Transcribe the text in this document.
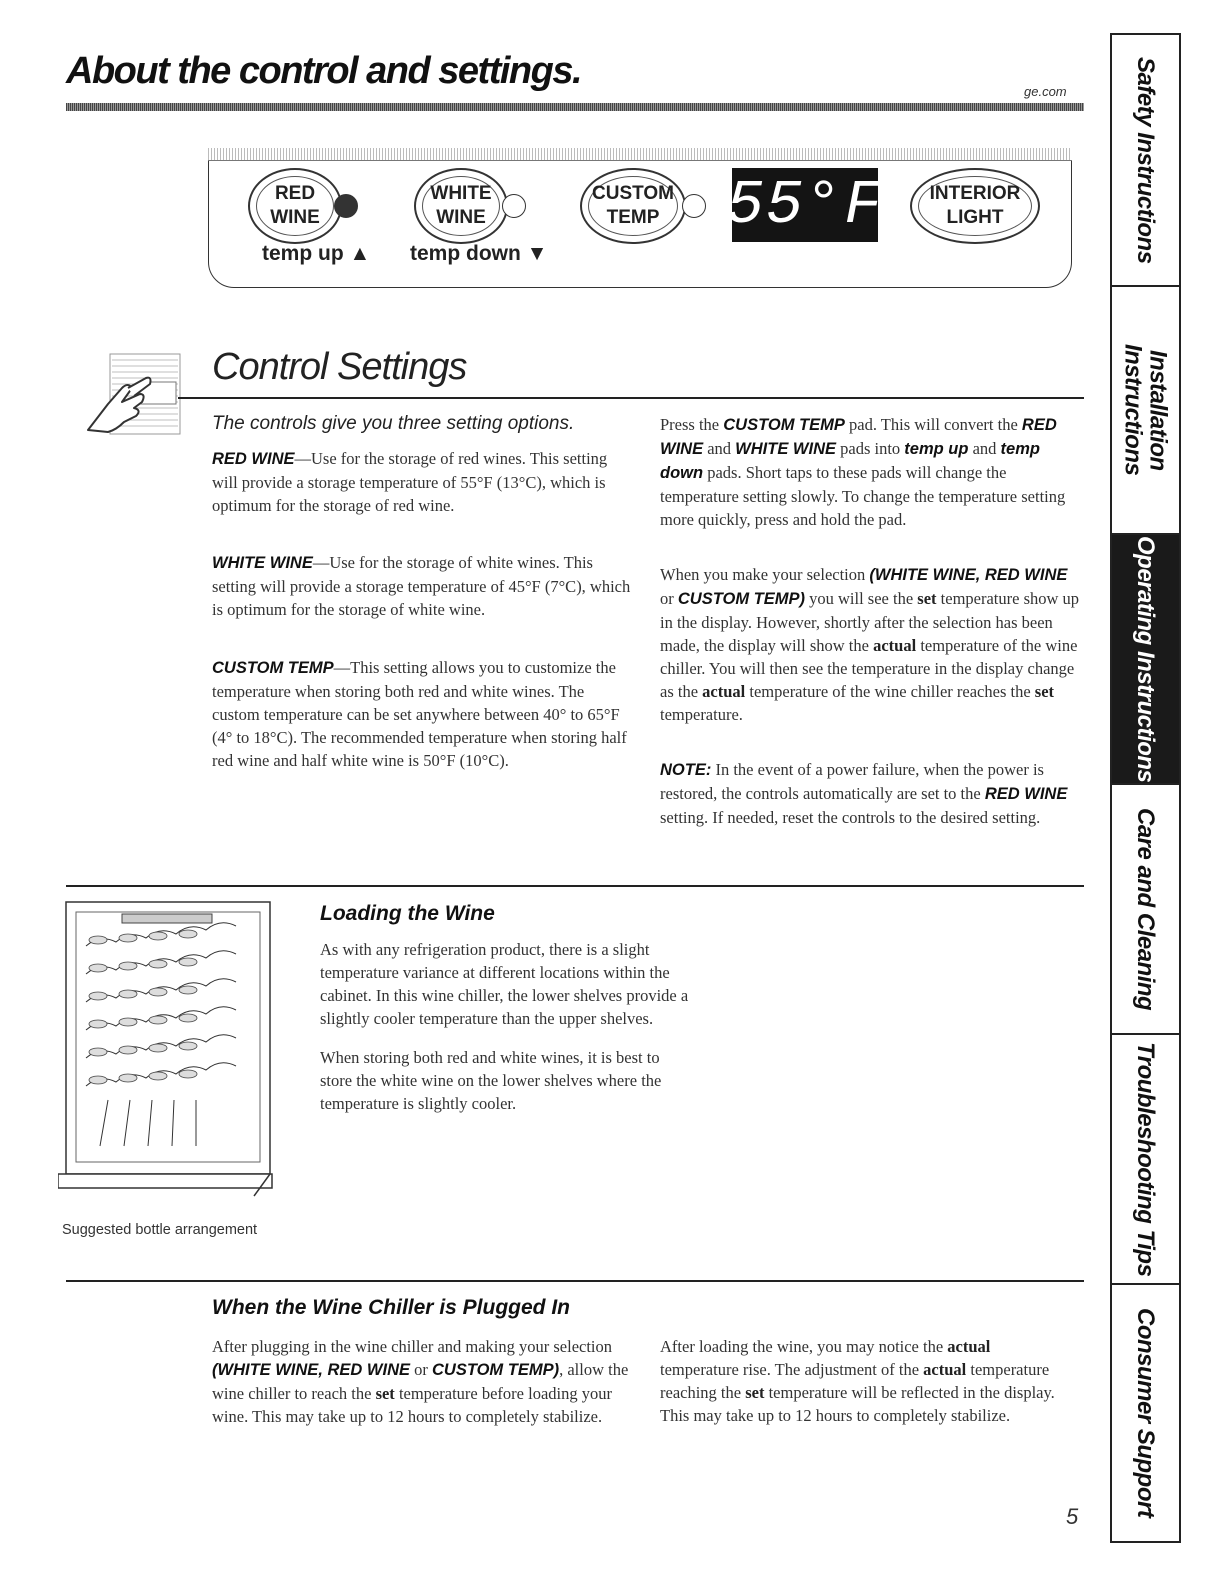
About the control and settings.	ge.com
RED
WINE
WHITE
WINE
CUSTOM
TEMP 55°F INTERIOR
LIGHT
temp up ▲ temp down ▼
Control Settings
The controls give you three setting options.
RED WINE—Use for the storage of red wines. This setting will provide a storage temperature of 55°F (13°C), which is optimum for the storage of red wine.
WHITE WINE—Use for the storage of white wines. This setting will provide a storage temperature of 45°F (7°C), which is optimum for the storage of white wine.
CUSTOM TEMP—This setting allows you to customize the temperature when storing both red and white wines. The custom temperature can be set anywhere between 40° to 65°F (4° to 18°C). The recommended temperature when storing half red wine and half white wine is 50°F (10°C).
Press the CUSTOM TEMP pad. This will convert the RED WINE and WHITE WINE pads into temp up and temp down pads. Short taps to these pads will change the temperature setting slowly. To change the temperature setting more quickly, press and hold the pad.
When you make your selection (WHITE WINE, RED WINE or CUSTOM TEMP) you will see the set temperature show up in the display. However, shortly after the selection has been made, the display will show the actual temperature of the wine chiller. You will then see the temperature in the display change as the actual temperature of the wine chiller reaches the set temperature.
NOTE: In the event of a power failure, when the power is restored, the controls automatically are set to the RED WINE setting. If needed, reset the controls to the desired setting.
Suggested bottle arrangement
Loading the Wine
As with any refrigeration product, there is a slight temperature variance at different locations within the cabinet. In this wine chiller, the lower shelves provide a slightly cooler temperature than the upper shelves.
When storing both red and white wines, it is best to store the white wine on the lower shelves where the temperature is slightly cooler.
When the Wine Chiller is Plugged In
After plugging in the wine chiller and making your selection (WHITE WINE, RED WINE or CUSTOM TEMP), allow the wine chiller to reach the set temperature before loading your wine. This may take up to 12 hours to completely stabilize.
After loading the wine, you may notice the actual temperature rise. The adjustment of the actual temperature reaching the set temperature will be reflected in the display. This may take up to 12 hours to completely stabilize.
5
Safety Instructions
Installation Instructions
Operating Instructions
Care and Cleaning
Troubleshooting Tips
Consumer Support
